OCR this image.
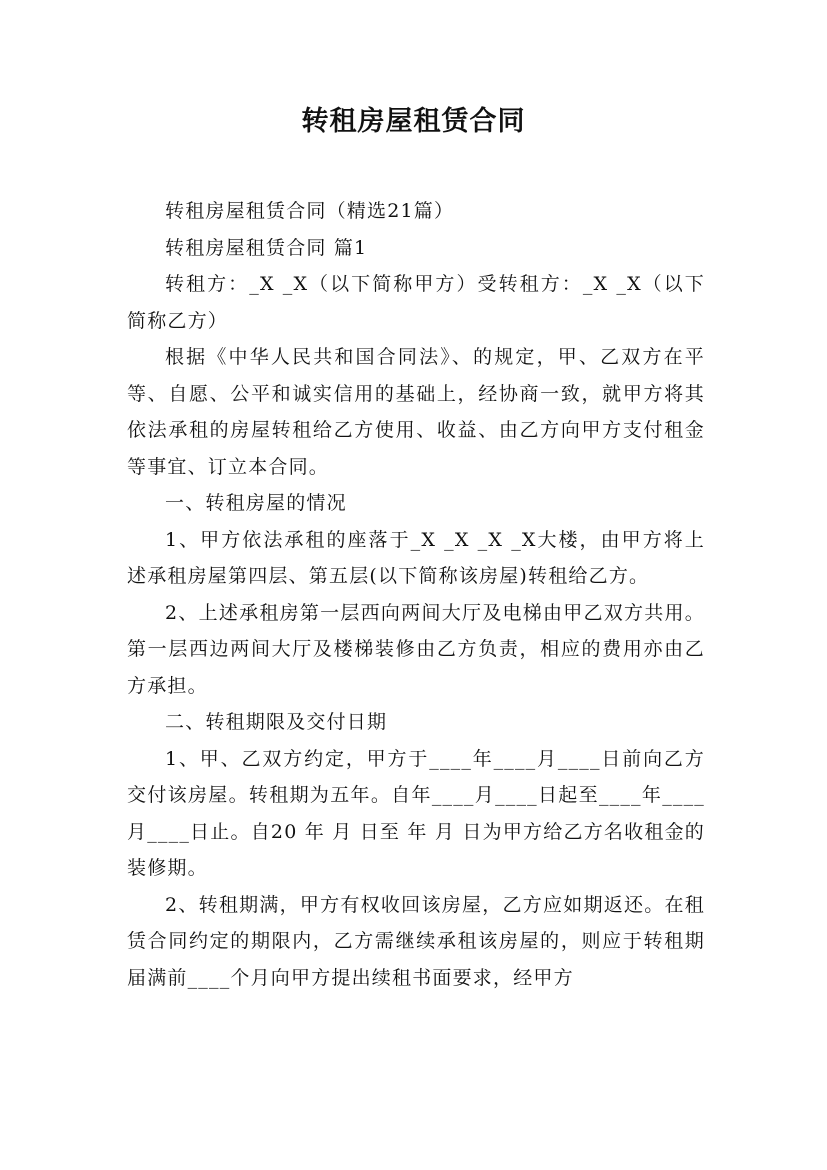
转租房屋租赁合同

转租房屋租赁合同（精选21篇）

转租房屋租赁合同 篇1

转租方：_X _X（以下简称甲方）受转租方：_X _X（以下简称乙方）

根据《中华人民共和国合同法》、的规定，甲、乙双方在平等、自愿、公平和诚实信用的基础上，经协商一致，就甲方将其依法承租的房屋转租给乙方使用、收益、由乙方向甲方支付租金等事宜、订立本合同。

一、转租房屋的情况

1、甲方依法承租的座落于_X _X _X _X大楼，由甲方将上述承租房屋第四层、第五层(以下简称该房屋)转租给乙方。

2、上述承租房第一层西向两间大厅及电梯由甲乙双方共用。第一层西边两间大厅及楼梯装修由乙方负责，相应的费用亦由乙方承担。

二、转租期限及交付日期

1、甲、乙双方约定，甲方于____年____月____日前向乙方交付该房屋。转租期为五年。自年____月____日起至____年____月____日止。自20 年 月 日至 年 月 日为甲方给乙方名收租金的装修期。

2、转租期满，甲方有权收回该房屋，乙方应如期返还。在租赁合同约定的期限内，乙方需继续承租该房屋的，则应于转租期届满前____个月向甲方提出续租书面要求，经甲方
